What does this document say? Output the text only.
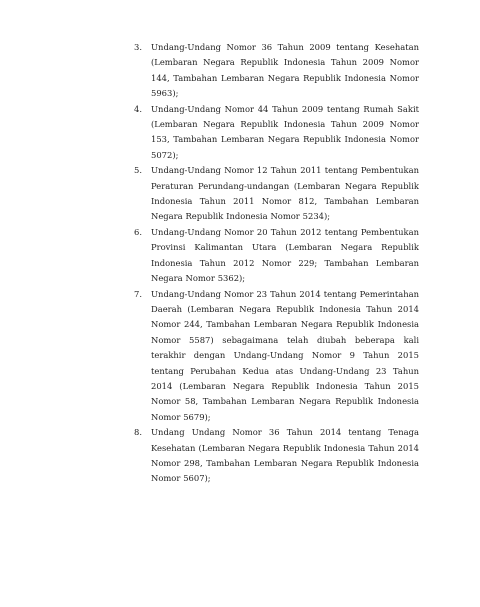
3.	Undang-Undang Nomor 36 Tahun 2009 tentang Kesehatan (Lembaran Negara Republik Indonesia Tahun 2009 Nomor 144, Tambahan Lembaran Negara Republik Indonesia Nomor 5963);
4.	Undang-Undang Nomor 44 Tahun 2009 tentang Rumah Sakit (Lembaran Negara Republik Indonesia Tahun 2009 Nomor 153, Tambahan Lembaran Negara Republik Indonesia Nomor 5072);
5.	Undang-Undang Nomor 12 Tahun 2011 tentang Pembentukan Peraturan Perundang-undangan (Lembaran Negara Republik Indonesia Tahun 2011 Nomor 812, Tambahan Lembaran Negara Republik Indonesia Nomor 5234);
6.	Undang-Undang Nomor 20 Tahun 2012 tentang Pembentukan Provinsi Kalimantan Utara (Lembaran Negara Republik Indonesia Tahun 2012 Nomor 229; Tambahan Lembaran Negara Nomor 5362);
7.	Undang-Undang Nomor 23 Tahun 2014 tentang Pemerintahan Daerah (Lembaran Negara Republik Indonesia Tahun 2014 Nomor 244, Tambahan Lembaran Negara Republik Indonesia Nomor 5587) sebagaimana telah diubah beberapa kali terakhir dengan Undang-Undang Nomor 9 Tahun 2015 tentang Perubahan Kedua atas Undang-Undang 23 Tahun 2014 (Lembaran Negara Republik Indonesia Tahun 2015 Nomor 58, Tambahan Lembaran Negara Republik Indonesia Nomor 5679);
8.	Undang Undang Nomor 36 Tahun 2014 tentang Tenaga Kesehatan (Lembaran Negara Republik Indonesia Tahun 2014 Nomor 298, Tambahan Lembaran Negara Republik Indonesia Nomor 5607);
